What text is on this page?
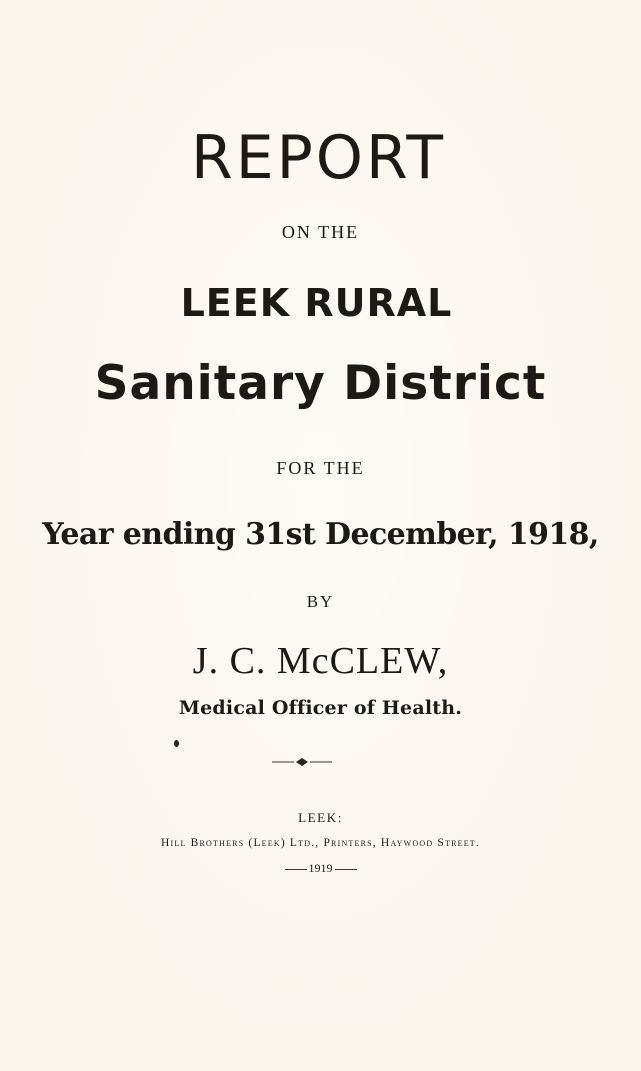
REPORT
ON THE
LEEK RURAL
Sanitary District
FOR THE
Year ending 31st December, 1918,
BY
J. C. McCLEW,
Medical Officer of Health.
LEEK:
Hill Brothers (Leek) Ltd., Printers, Haywood Street.
1919
